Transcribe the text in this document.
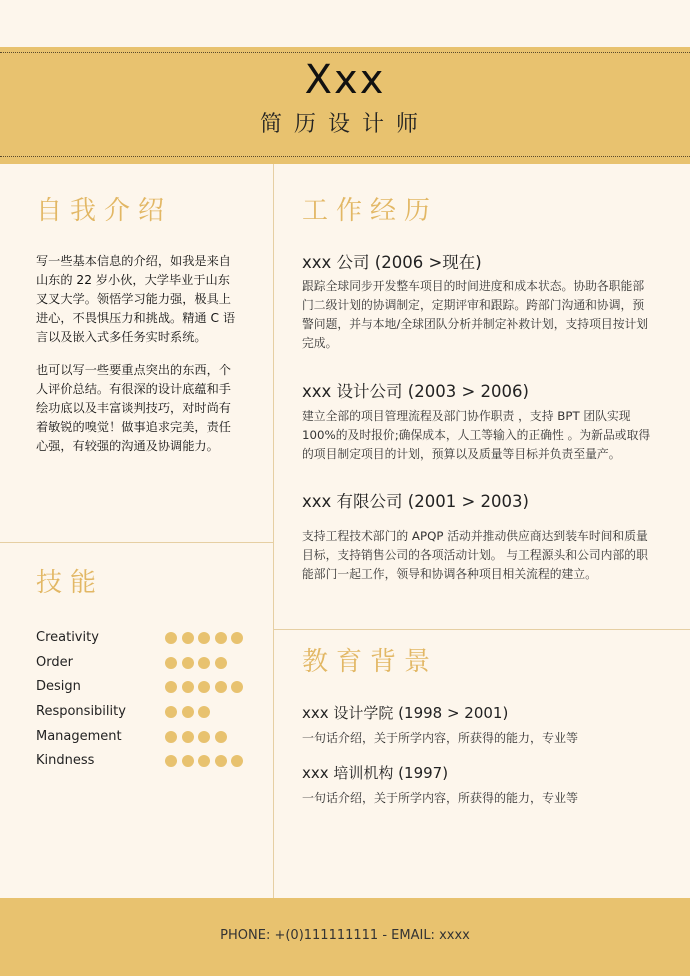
Xxx
简历设计师
自我介绍
写一些基本信息的介绍，如我是来自
山东的 22 岁小伙，大学毕业于山东
叉叉大学。领悟学习能力强，极具上
进心，不畏惧压力和挑战。精通 C 语
言以及嵌入式多任务实时系统。
也可以写一些要重点突出的东西，个
人评价总结。有很深的设计底蕴和手
绘功底以及丰富谈判技巧，对时尚有
着敏锐的嗅觉！做事追求完美，责任
心强，有较强的沟通及协调能力。
技能
Creativity
Order
Design
Responsibility
Management
Kindness
工作经历
xxx 公司 (2006 >现在)
跟踪全球同步开发整车项目的时间进度和成本状态。协助各职能部
门二级计划的协调制定，定期评审和跟踪。跨部门沟通和协调，预
警问题，并与本地/全球团队分析并制定补救计划，支持项目按计划
完成。
xxx 设计公司 (2003 > 2006)
建立全部的项目管理流程及部门协作职责 ，支持 BPT 团队实现
100%的及时报价;确保成本，人工等输入的正确性 。为新品或取得
的项目制定项目的计划，预算以及质量等目标并负责至量产。
xxx 有限公司 (2001 > 2003)
支持工程技术部门的 APQP 活动并推动供应商达到装车时间和质量
目标，支持销售公司的各项活动计划。 与工程源头和公司内部的职
能部门一起工作，领导和协调各种项目相关流程的建立。
教育背景
xxx 设计学院 (1998 > 2001)
一句话介绍，关于所学内容，所获得的能力，专业等
xxx 培训机构 (1997)
一句话介绍，关于所学内容，所获得的能力，专业等
PHONE: +(0)111111111 - EMAIL: xxxx
